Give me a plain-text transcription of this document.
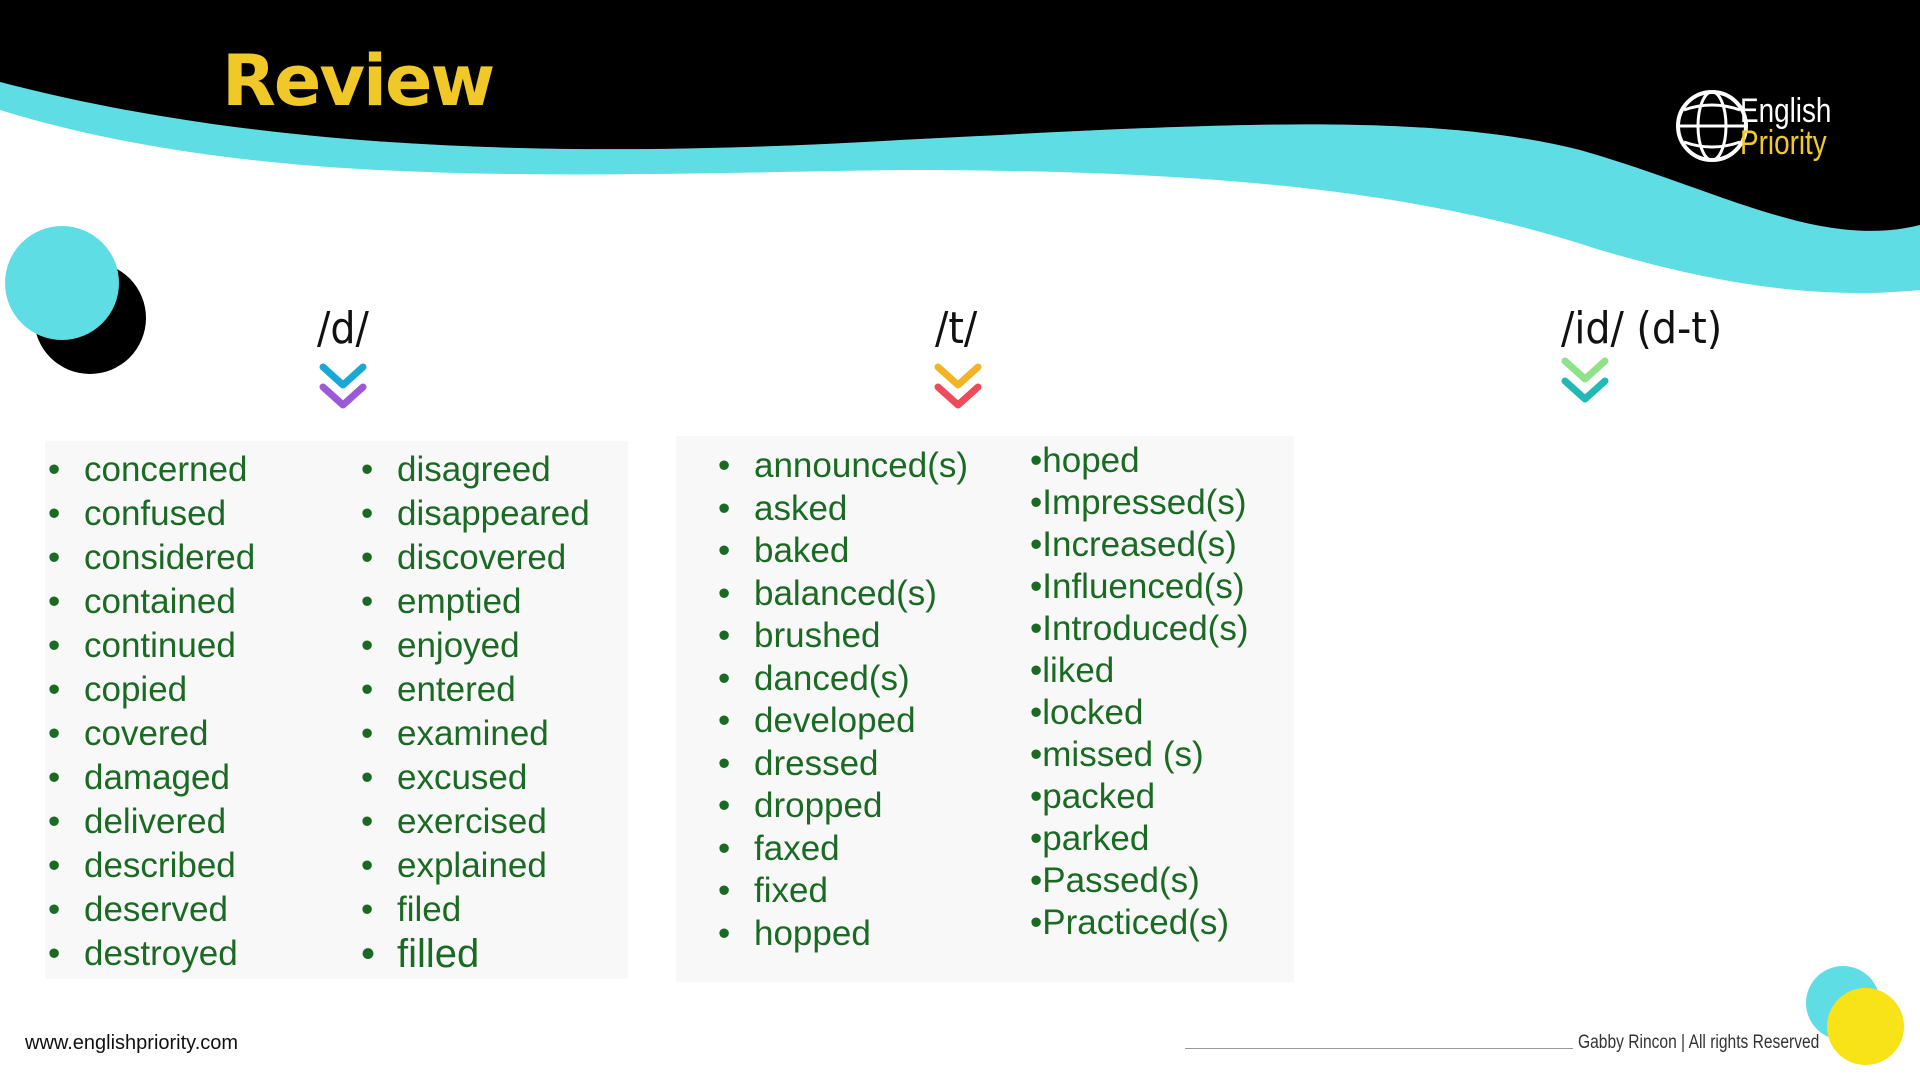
Review	English
Priority
/d/
• concerned
• confused
• considered
• contained
• continued
• copied
• covered
• damaged
• delivered
• described
• deserved
• destroyed
• disagreed
• disappeared
• discovered
• emptied
• enjoyed
• entered
• examined
• excused
• exercised
• explained
• filed
• filled
/t/
• announced(s)
• asked
• baked
• balanced(s)
• brushed
• danced(s)
• developed
• dressed
• dropped
• faxed
• fixed
• hopped
•hoped
•Impressed(s)
•Increased(s)
•Influenced(s)
•Introduced(s)
•liked
•locked
•missed (s)
•packed
•parked
•Passed(s)
•Practiced(s)
/id/ (d-t)
www.englishpriority.com	Gabby Rincon | All rights Reserved
